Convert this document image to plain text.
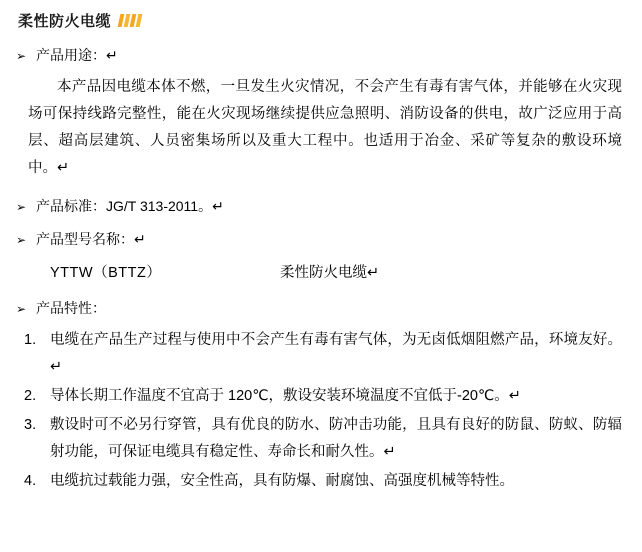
柔性防火电缆
➢ 产品用途：↵

本产品因电缆本体不燃，一旦发生火灾情况，不会产生有毒有害气体，并能够在火灾现场可保持线路完整性，能在火灾现场继续提供应急照明、消防设备的供电，故广泛应用于高层、超高层建筑、人员密集场所以及重大工程中。也适用于冶金、采矿等复杂的敷设环境中。↵

➢ 产品标准：JG/T 313-2011。↵
➢ 产品型号名称：↵
YTTW（BTTZ）	柔性防火电缆↵
➢ 产品特性：
1. 电缆在产品生产过程与使用中不会产生有毒有害气体，为无卤低烟阻燃产品，环境友好。↵
2. 导体长期工作温度不宜高于 120℃，敷设安装环境温度不宜低于-20℃。↵
3. 敷设时可不必另行穿管，具有优良的防水、防冲击功能，且具有良好的防鼠、防蚁、防辐射功能，可保证电缆具有稳定性、寿命长和耐久性。↵
4. 电缆抗过载能力强，安全性高，具有防爆、耐腐蚀、高强度机械等特性。
